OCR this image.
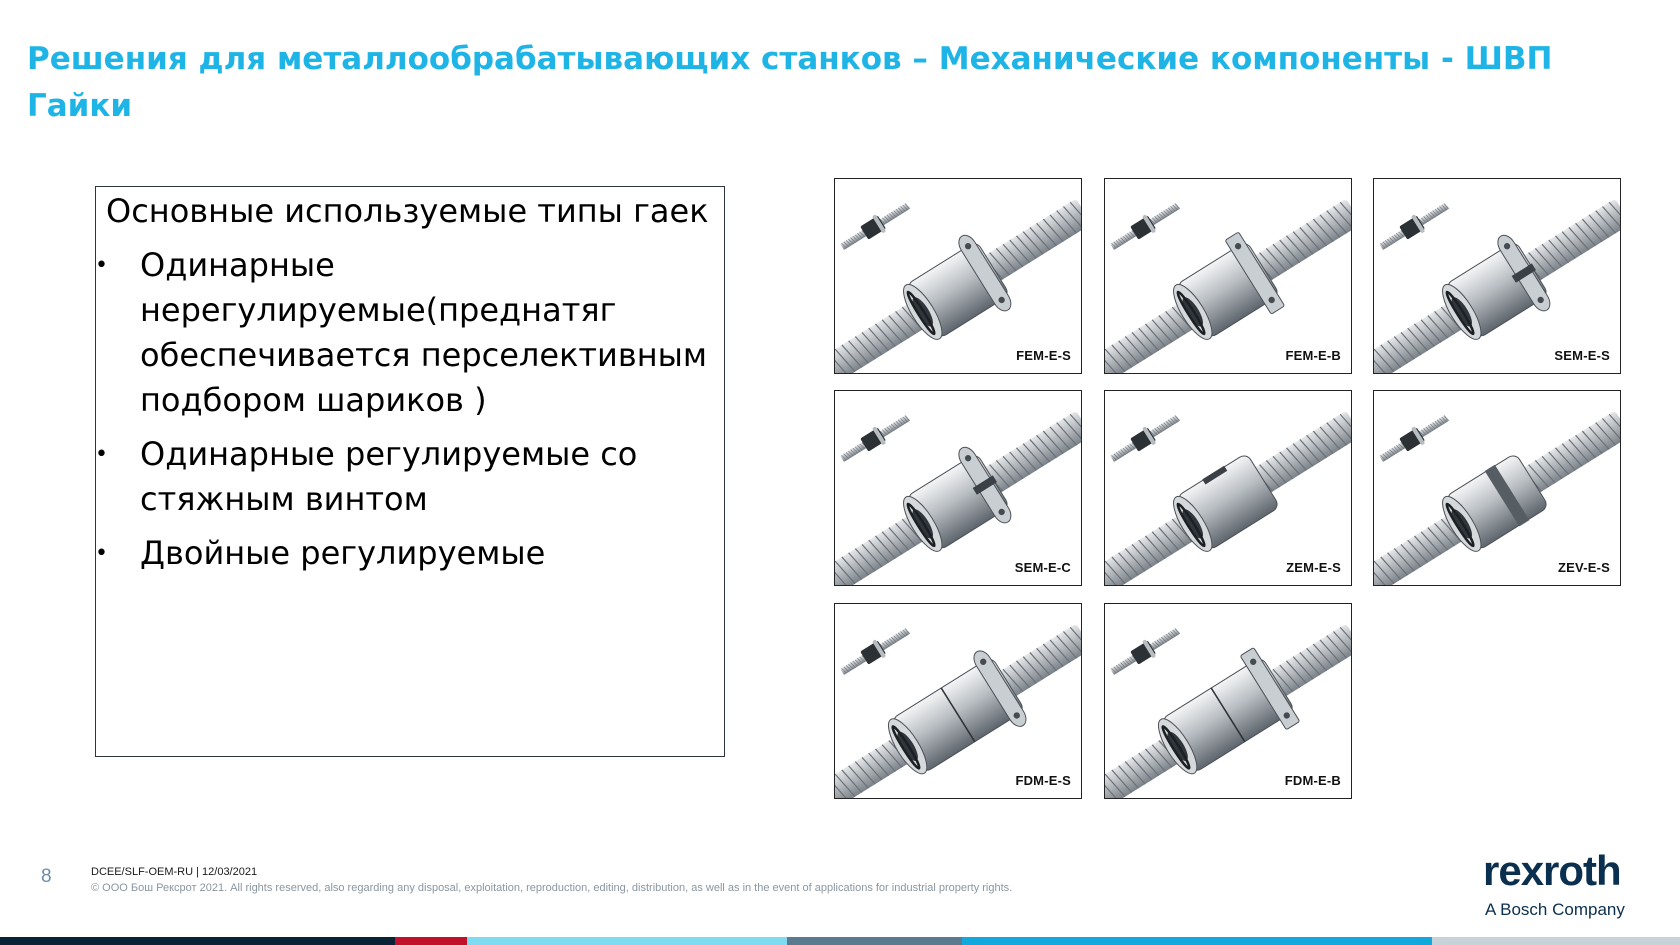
Решения для металлообрабатывающих станков – Механические компоненты - ШВП Гайки
Основные используемые типы гаек
• Одинарные нерегулируемые(преднатяг обеспечивается перселективным подбором шариков )
• Одинарные регулируемые со стяжным винтом
• Двойные регулируемые
FEM-E-S	FEM-E-B	SEM-E-S
SEM-E-C	ZEM-E-S	ZEV-E-S
FDM-E-S	FDM-E-B
8	DCEE/SLF-OEM-RU | 12/03/2021
© ООО Бош Рексрот 2021. All rights reserved, also regarding any disposal, exploitation, reproduction, editing, distribution, as well as in the event of applications for industrial property rights.	rexroth
A Bosch Company
